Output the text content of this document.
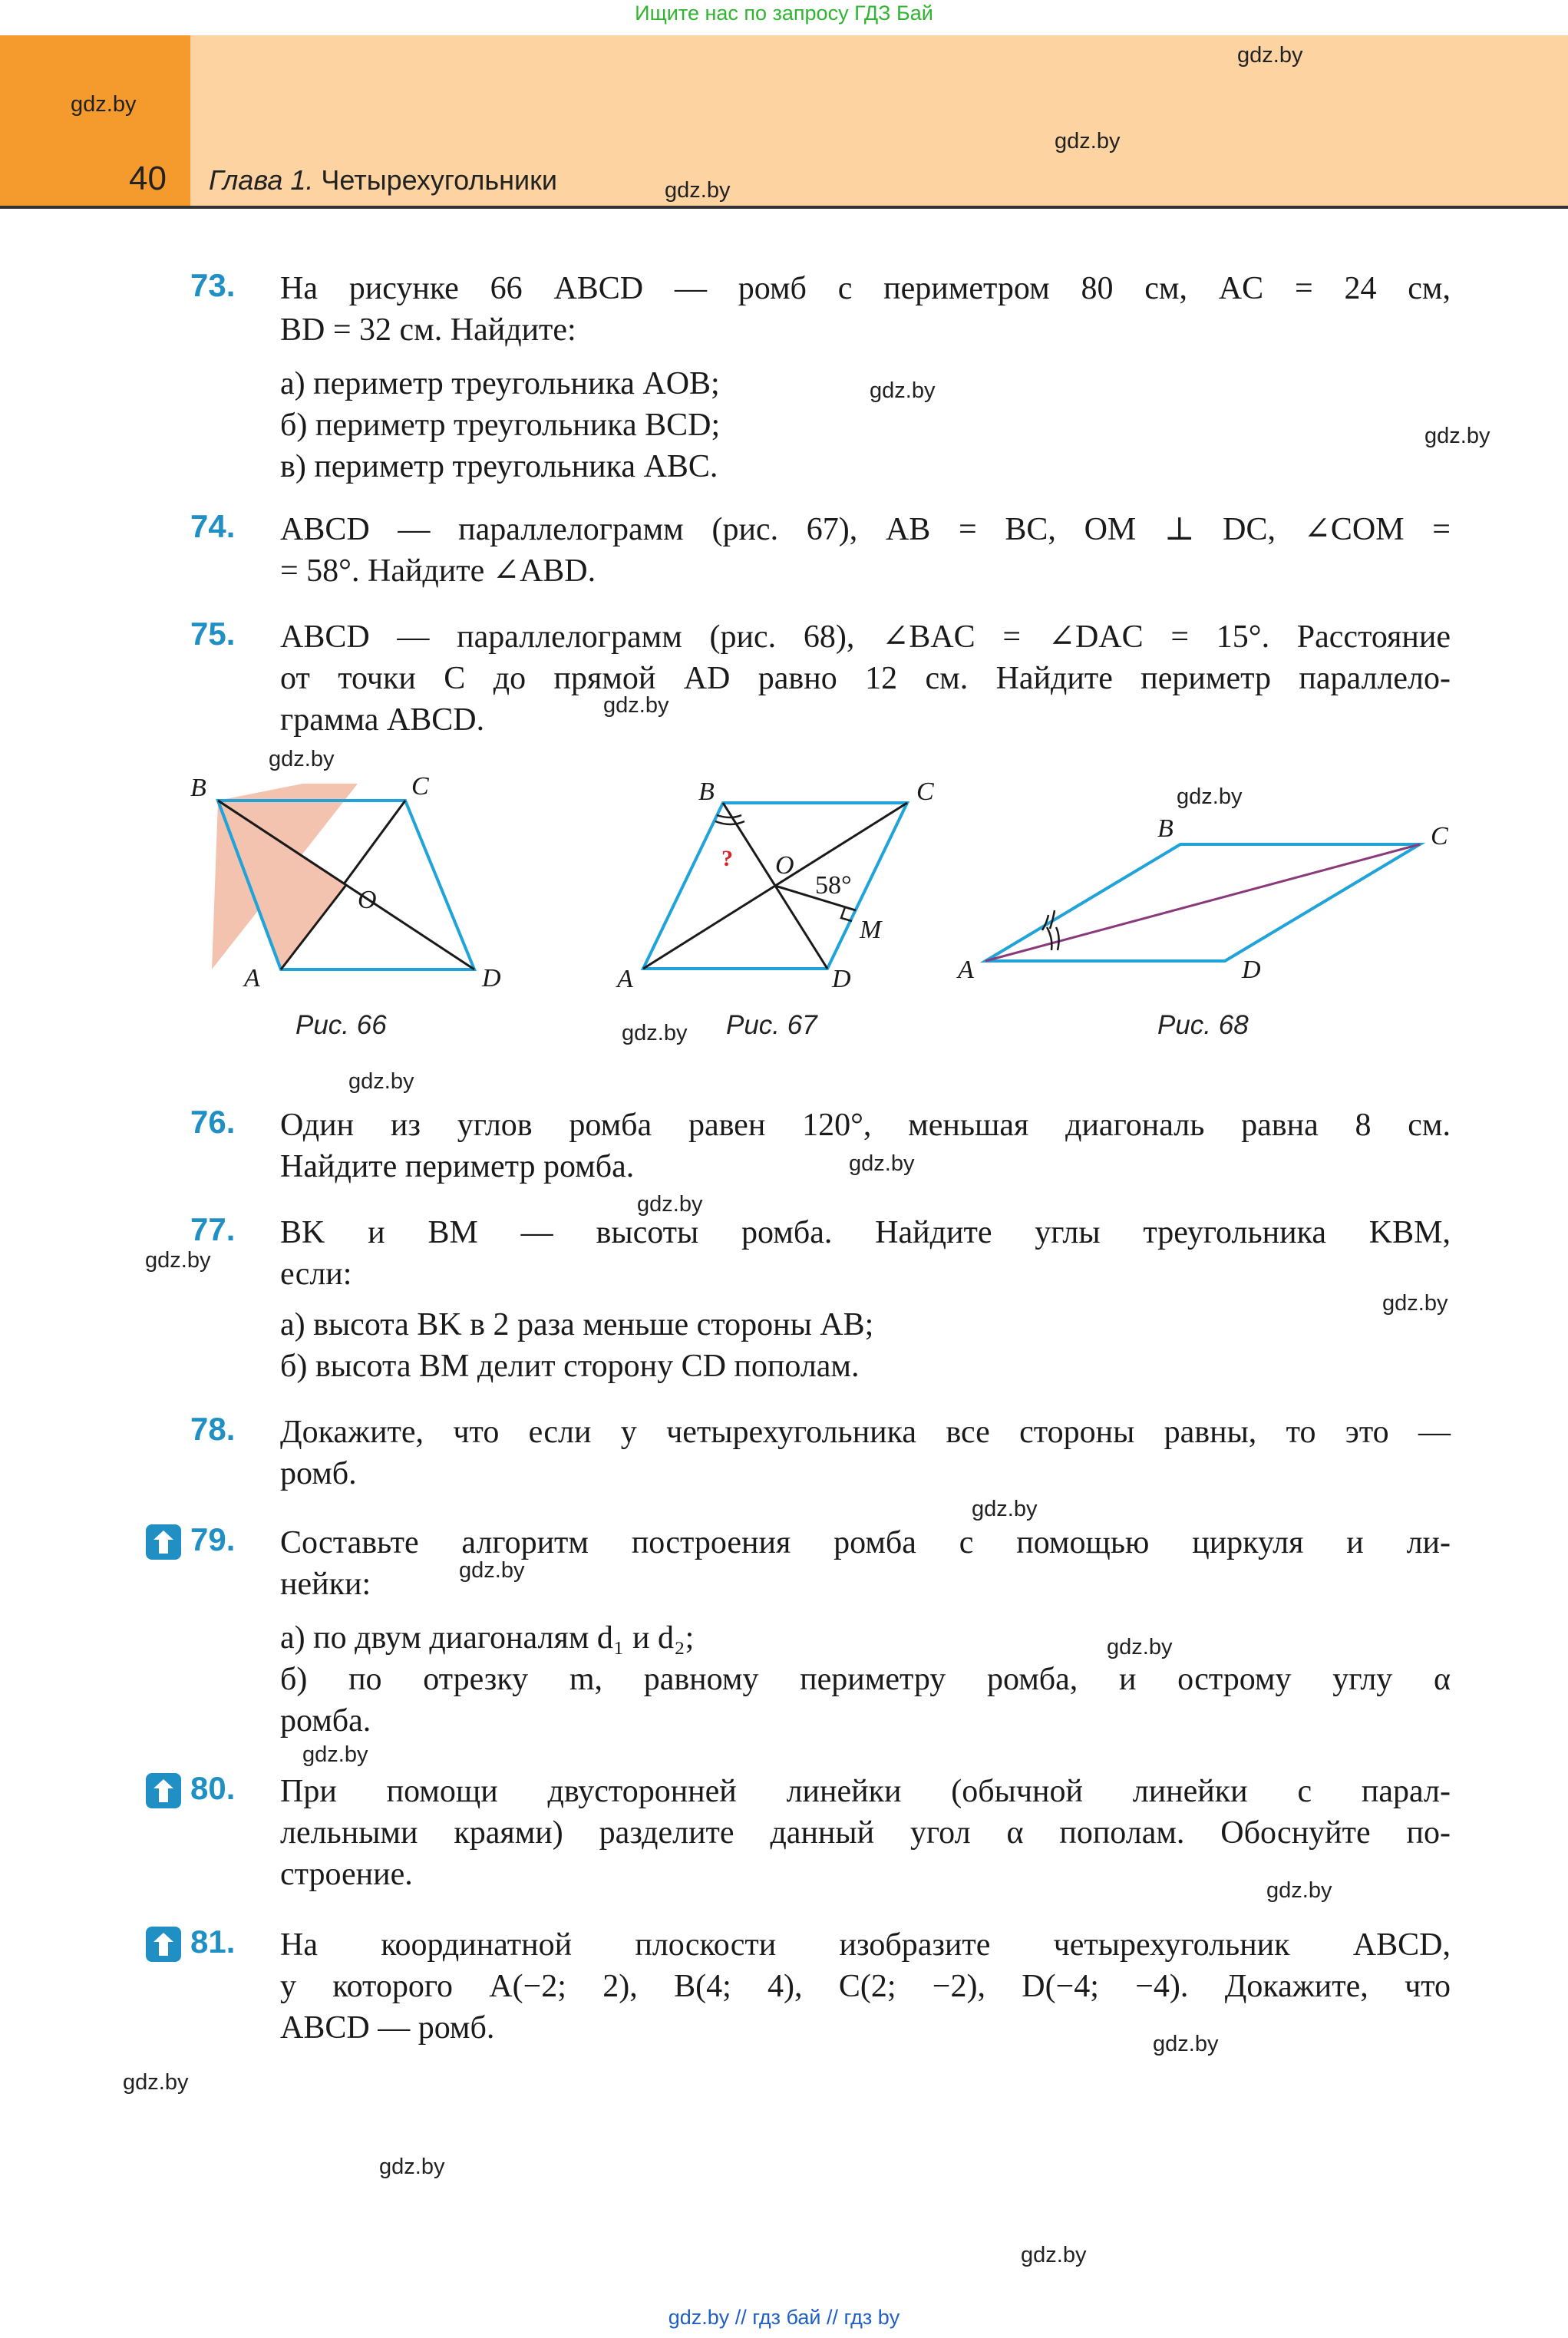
Ищите нас по запросу ГДЗ Бай
40 Глава 1. Четырехугольники
gdz.by
gdz.by
gdz.by
gdz.by
gdz.by
gdz.by
gdz.by
gdz.by
gdz.by
gdz.by
gdz.by
gdz.by
gdz.by
gdz.by
gdz.by
gdz.by
gdz.by
gdz.by
gdz.by
gdz.by
gdz.by
gdz.by
gdz.by
gdz.by
73. На рисунке 66 ABCD — ромб с периметром 80 см, AC = 24 см,
BD = 32 см. Найдите:
а) периметр треугольника AOB;
б) периметр треугольника BCD;
в) периметр треугольника ABC.
74. ABCD — параллелограмм (рис. 67), AB = BC, OM ⊥ DC, ∠COM =
= 58°. Найдите ∠ABD.
75. ABCD — параллелограмм (рис. 68), ∠BAC = ∠DAC = 15°. Расстояние
от точки C до прямой AD равно 12 см. Найдите периметр параллело-
грамма ABCD.
B	C
O
A	D
Рис. 66
B	C
O
58°
M
?
A	D
Рис. 67
B	C
A	D
Рис. 68
76. Один из углов ромба равен 120°, меньшая диагональ равна 8 см.
Найдите периметр ромба.
77. BK и BM — высоты ромба. Найдите углы треугольника KBM,
если:
а) высота BK в 2 раза меньше стороны AB;
б) высота BM делит сторону CD пополам.
78. Докажите, что если у четырехугольника все стороны равны, то это —
ромб.
79. Составьте алгоритм построения ромба с помощью циркуля и ли-
нейки:
а) по двум диагоналям d₁ и d₂;
б) по отрезку m, равному периметру ромба, и острому углу α
ромба.
80. При помощи двусторонней линейки (обычной линейки с парал-
лельными краями) разделите данный угол α пополам. Обоснуйте по-
строение.
81. На координатной плоскости изобразите четырехугольник ABCD,
у которого A(−2; 2), B(4; 4), C(2; −2), D(−4; −4). Докажите, что
ABCD — ромб.
gdz.by // гдз бай // гдз by
